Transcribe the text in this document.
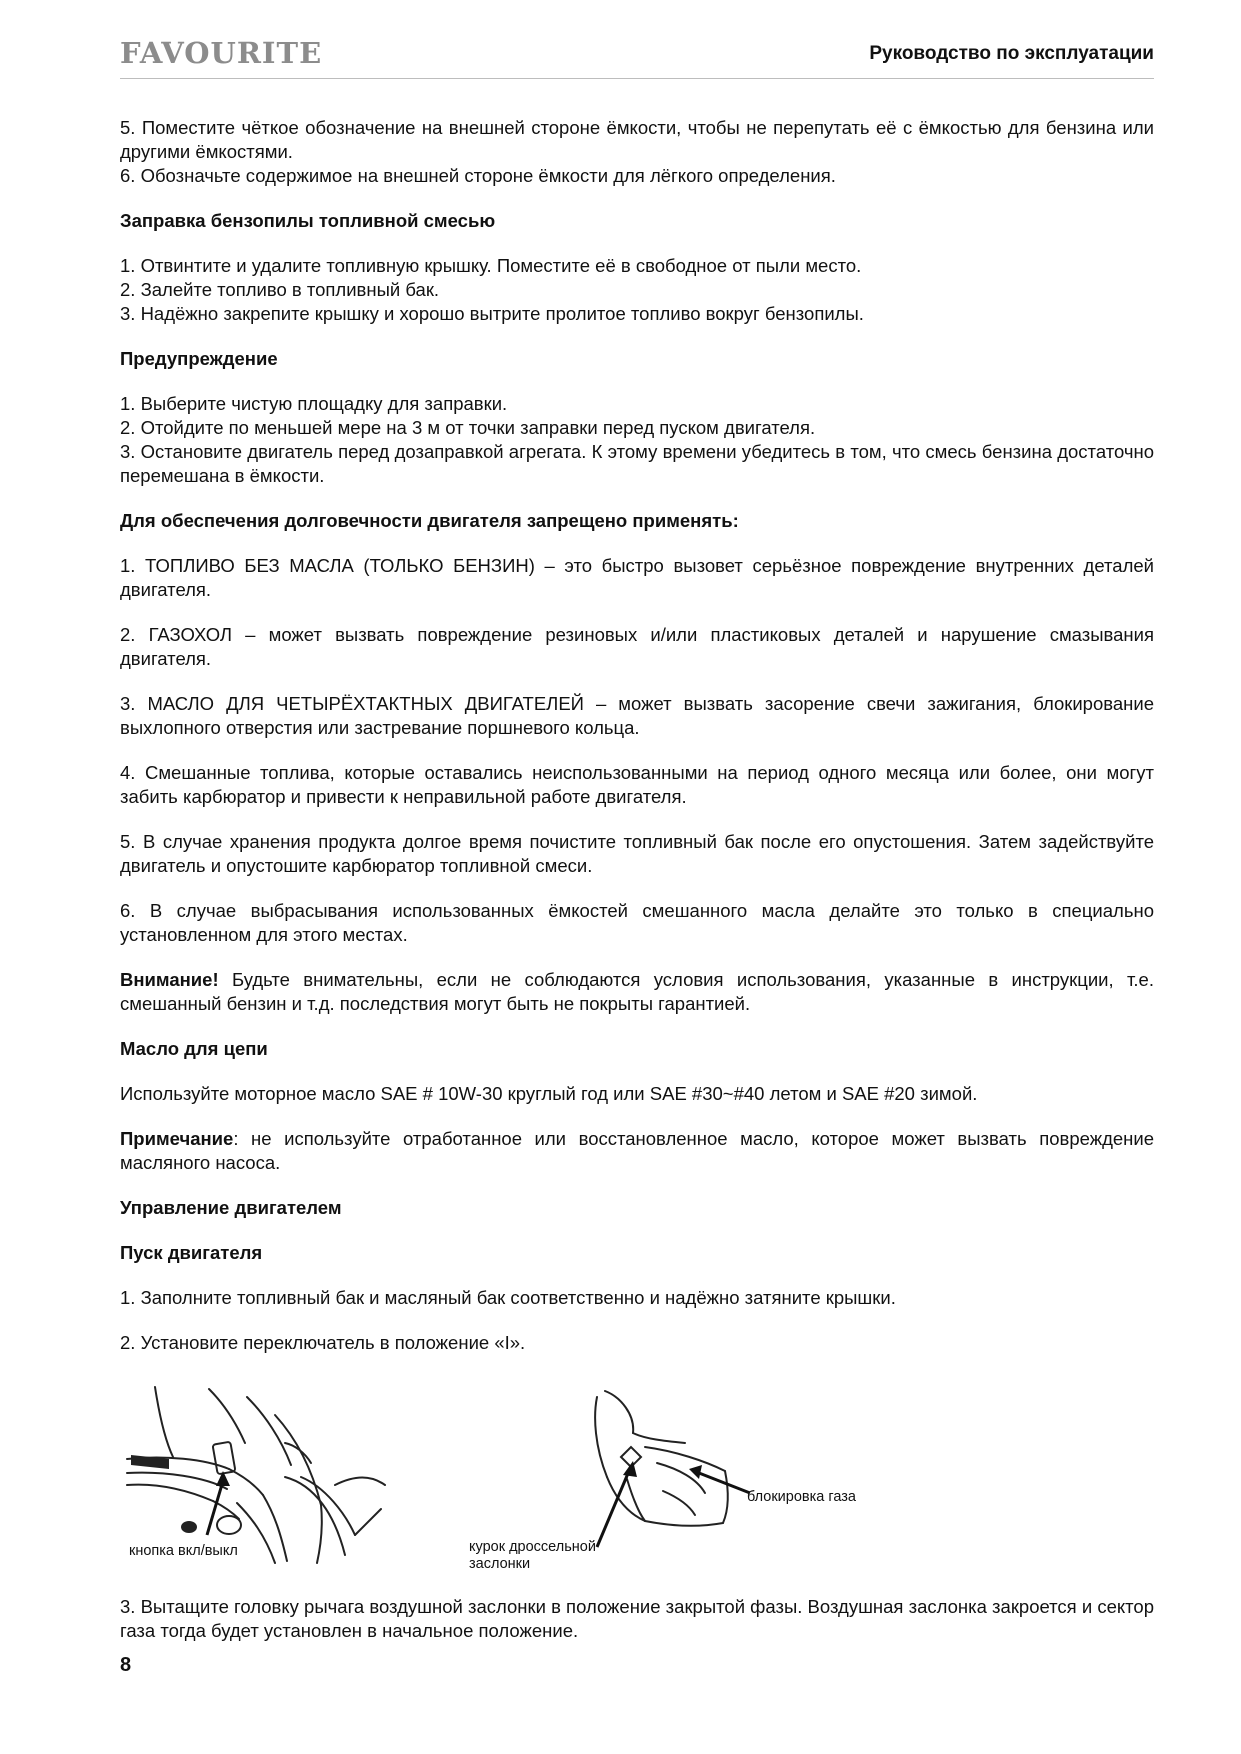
FAVOURITE	Руководство по эксплуатации

5. Поместите чёткое обозначение на внешней стороне ёмкости, чтобы не перепутать её с ёмкостью для бензина или другими ёмкостями.

6. Обозначьте содержимое на внешней стороне ёмкости для лёгкого определения.

Заправка бензопилы топливной смесью

1. Отвинтите и удалите топливную крышку. Поместите её в свободное от пыли место.

2. Залейте топливо в топливный бак.

3. Надёжно закрепите крышку и хорошо вытрите пролитое топливо вокруг бензопилы.

Предупреждение

1. Выберите чистую площадку для заправки.

2. Отойдите по меньшей мере на 3 м от точки заправки перед пуском двигателя.

3. Остановите двигатель перед дозаправкой агрегата. К этому времени убедитесь в том, что смесь бензина достаточно перемешана в ёмкости.

Для обеспечения долговечности двигателя запрещено применять:

1. ТОПЛИВО БЕЗ МАСЛА (ТОЛЬКО БЕНЗИН) – это быстро вызовет серьёзное повреждение внутренних деталей двигателя.

2. ГАЗОХОЛ – может вызвать повреждение резиновых и/или пластиковых деталей и нарушение смазывания двигателя.

3. МАСЛО ДЛЯ ЧЕТЫРЁХТАКТНЫХ ДВИГАТЕЛЕЙ – может вызвать засорение свечи зажигания, блокирование выхлопного отверстия или застревание поршневого кольца.

4. Смешанные топлива, которые оставались неиспользованными на период одного месяца или более, они могут забить карбюратор и привести к неправильной работе двигателя.

5. В случае хранения продукта долгое время почистите топливный бак после его опустошения. Затем задействуйте двигатель и опустошите карбюратор топливной смеси.

6. В случае выбрасывания использованных ёмкостей смешанного масла делайте это только в специально установленном для этого местах.

Внимание! Будьте внимательны, если не соблюдаются условия использования, указанные в инструкции, т.е. смешанный бензин и т.д. последствия могут быть не покрыты гарантией.

Масло для цепи

Используйте моторное масло SAE # 10W-30 круглый год или SAE #30~#40 летом и SAE #20 зимой.

Примечание: не используйте отработанное или восстановленное масло, которое может вызвать повреждение масляного насоса.

Управление двигателем

Пуск двигателя

1. Заполните топливный бак и масляный бак соответственно и надёжно затяните крышки.

2. Установите переключатель в положение «I».

кнопка вкл/выкл	курок дроссельной
заслонки
блокировка газа

3. Вытащите головку рычага воздушной заслонки в положение закрытой фазы. Воздушная заслонка закроется и сектор газа тогда будет установлен в начальное положение.

8
